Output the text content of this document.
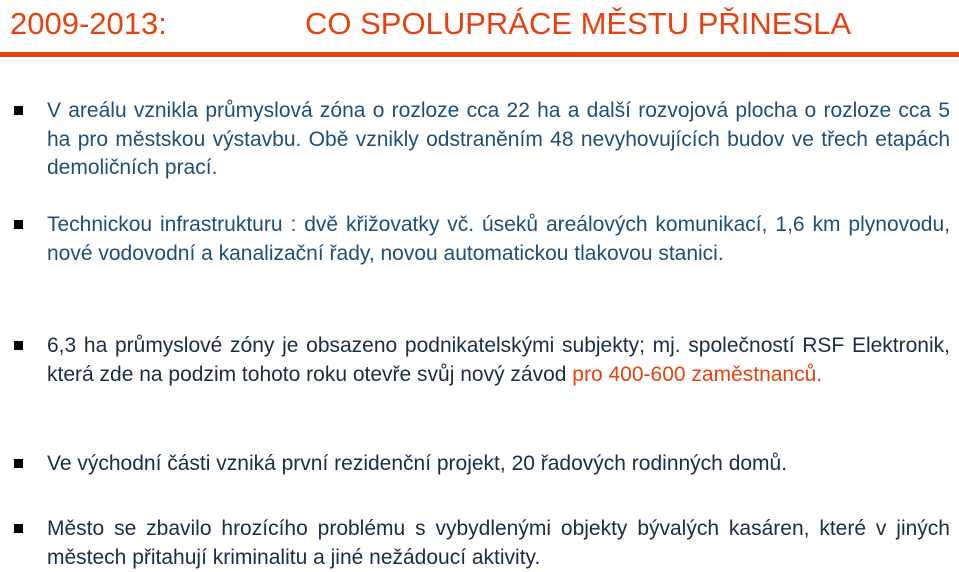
2009-2013:	CO SPOLUPRÁCE MĚSTU PŘINESLA
V areálu vznikla průmyslová zóna o rozloze cca 22 ha a další rozvojová plocha o rozloze cca 5 ha pro městskou výstavbu. Obě vznikly odstraněním 48 nevyhovujících budov ve třech etapách demoličních prací.
Technickou infrastrukturu : dvě křižovatky vč. úseků areálových komunikací, 1,6 km plynovodu, nové vodovodní a kanalizační řady, novou automatickou tlakovou stanici.
6,3 ha průmyslové zóny je obsazeno podnikatelskými subjekty; mj. společností RSF Elektronik, která zde na podzim tohoto roku otevře svůj nový závod pro 400-600 zaměstnanců.
Ve východní části vzniká první rezidenční projekt, 20 řadových rodinných domů.
Město se zbavilo hrozícího problému s vybydlenými objekty bývalých kasáren, které v jiných městech přitahují kriminalitu a jiné nežádoucí aktivity.
